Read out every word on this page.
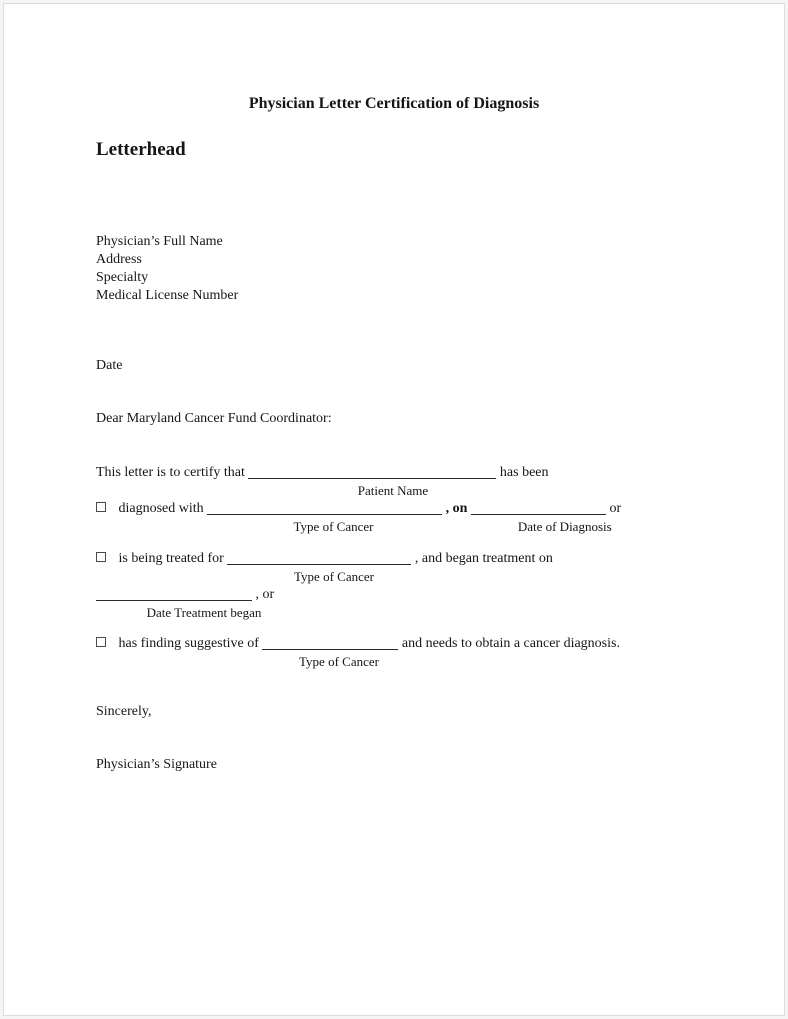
Physician Letter Certification of Diagnosis
Letterhead
Physician’s Full Name
Address
Specialty
Medical License Number
Date
Dear Maryland Cancer Fund Coordinator:
This letter is to certify that	has been
Patient Name
diagnosed with	, on	or
Type of Cancer	Date of Diagnosis
is being treated for	, and began treatment on
Type of Cancer
, or
Date Treatment began
has finding suggestive of	and needs to obtain a cancer diagnosis.
Type of Cancer
Sincerely,
Physician’s Signature
